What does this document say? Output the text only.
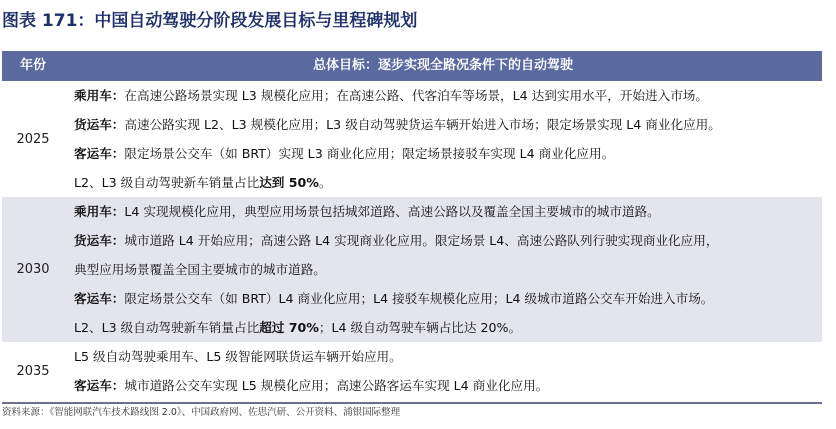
图表 171：中国自动驾驶分阶段发展目标与里程碑规划
年份	总体目标：逐步实现全路况条件下的自动驾驶
2025
乘用车：在高速公路场景实现 L3 规模化应用；在高速公路、代客泊车等场景，L4 达到实用水平，开始进入市场。
货运车：高速公路实现 L2、L3 规模化应用；L3 级自动驾驶货运车辆开始进入市场；限定场景实现 L4 商业化应用。
客运车：限定场景公交车（如 BRT）实现 L3 商业化应用；限定场景接驳车实现 L4 商业化应用。
L2、L3 级自动驾驶新车销量占比达到 50%。
2030
乘用车：L4 实现规模化应用，典型应用场景包括城郊道路、高速公路以及覆盖全国主要城市的城市道路。
货运车：城市道路 L4 开始应用；高速公路 L4 实现商业化应用。限定场景 L4、高速公路队列行驶实现商业化应用，
典型应用场景覆盖全国主要城市的城市道路。
客运车：限定场景公交车（如 BRT）L4 商业化应用；L4 接驳车规模化应用；L4 级城市道路公交车开始进入市场。
L2、L3 级自动驾驶新车销量占比超过 70%；L4 级自动驾驶车辆占比达 20%。
2035
L5 级自动驾驶乘用车、L5 级智能网联货运车辆开始应用。
客运车：城市道路公交车实现 L5 规模化应用；高速公路客运车实现 L4 商业化应用。
资料来源：《智能网联汽车技术路线图 2.0》、中国政府网、佐思汽研、公开资料、浦银国际整理
